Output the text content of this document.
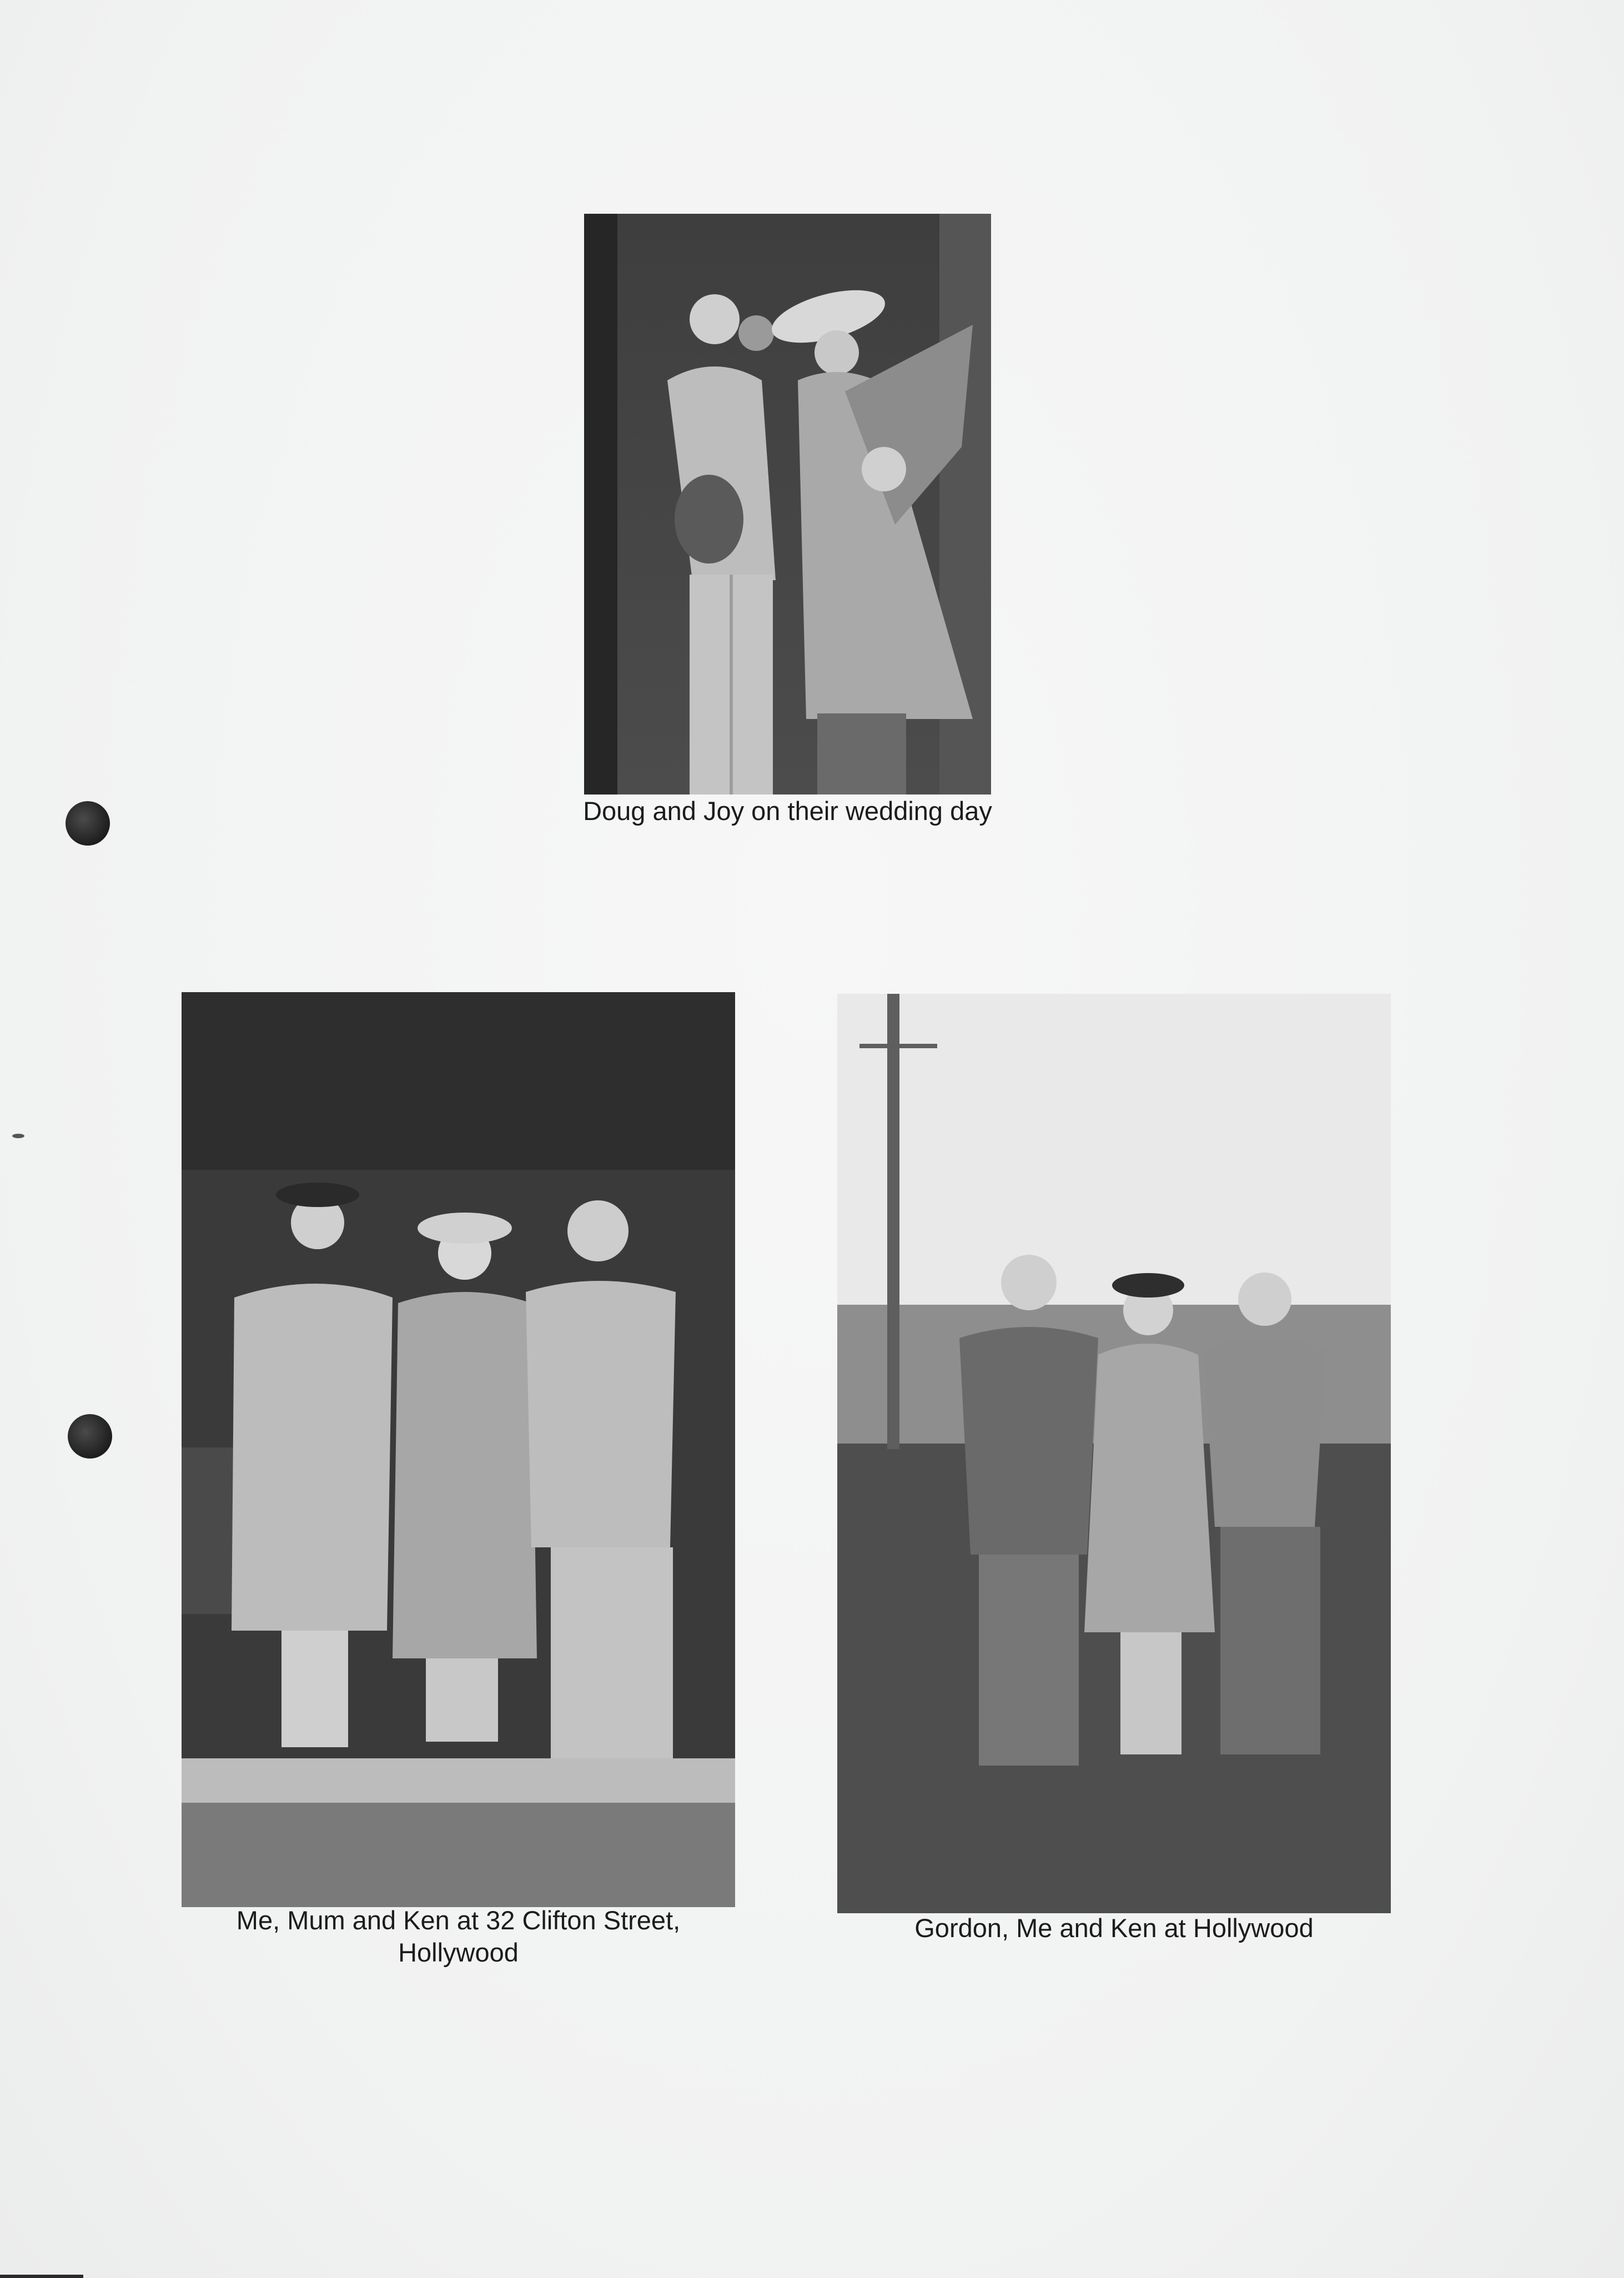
Doug and Joy on their wedding day
Me, Mum and Ken at 32 Clifton Street,
Hollywood
Gordon, Me and Ken at Hollywood
